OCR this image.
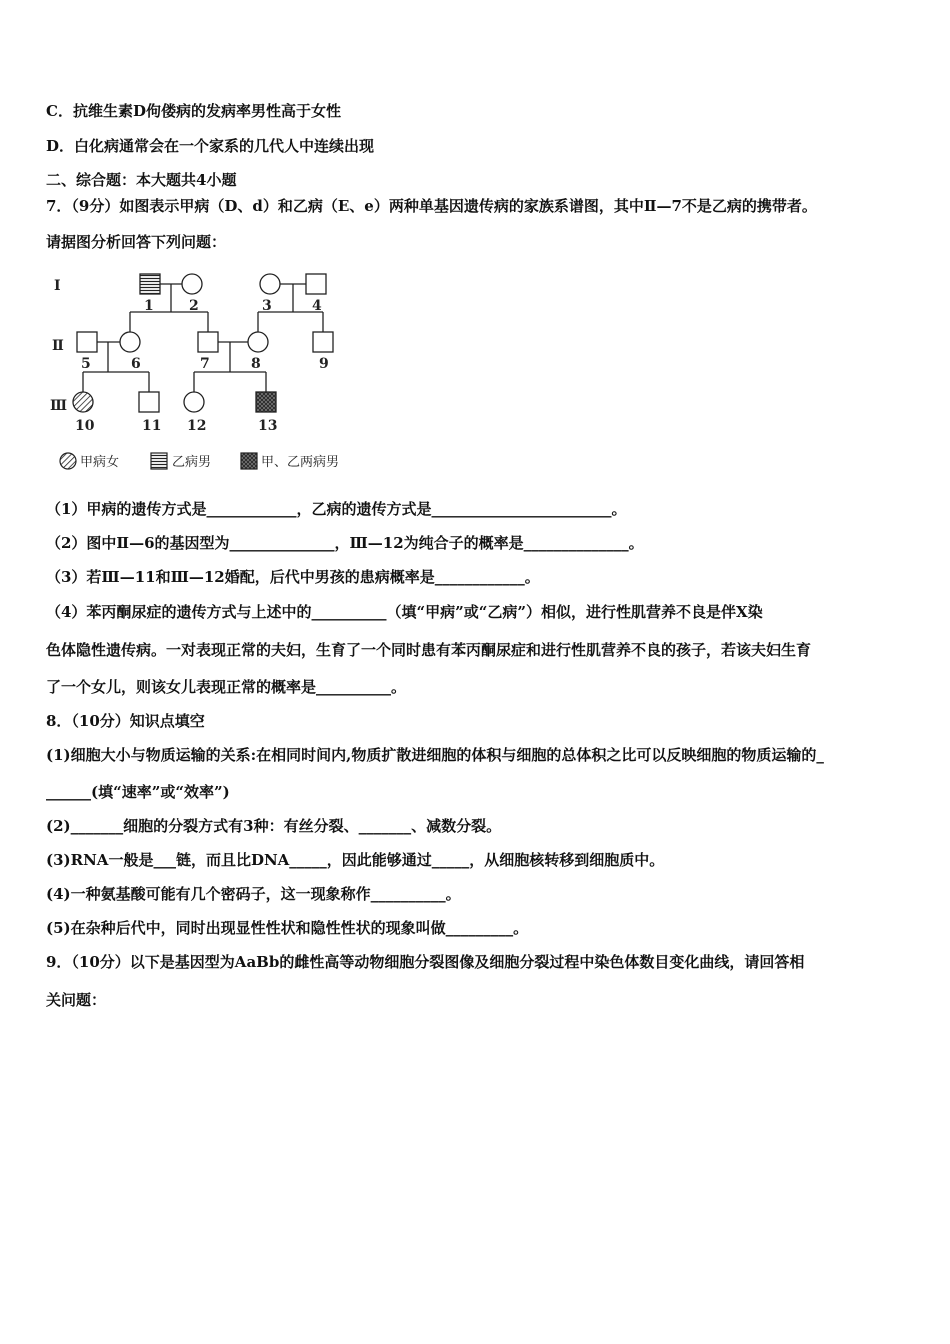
C．抗维生素D佝偻病的发病率男性高于女性
D．白化病通常会在一个家系的几代人中连续出现
二、综合题：本大题共4小题
7．（9分）如图表示甲病（D、d）和乙病（E、e）两种单基因遗传病的家族系谱图，其中Ⅱ—7不是乙病的携带者。
请据图分析回答下列问题：
I
Ⅱ
Ⅲ
1	2	3	4
5	6	7	8	9
10	11 12	13
甲病女	乙病男	甲、乙两病男
（1）甲病的遗传方式是____________，乙病的遗传方式是________________________。
（2）图中Ⅱ—6的基因型为______________，Ⅲ—12为纯合子的概率是______________。
（3）若Ⅲ—11和Ⅲ—12婚配，后代中男孩的患病概率是____________。
（4）苯丙酮尿症的遗传方式与上述中的__________（填“甲病”或“乙病”）相似，进行性肌营养不良是伴X染
色体隐性遗传病。一对表现正常的夫妇，生育了一个同时患有苯丙酮尿症和进行性肌营养不良的孩子，若该夫妇生育
了一个女儿，则该女儿表现正常的概率是__________。
8．（10分）知识点填空
(1)细胞大小与物质运输的关系:在相同时间内,物质扩散进细胞的体积与细胞的总体积之比可以反映细胞的物质运输的_
______(填“速率”或“效率”)
(2)_______细胞的分裂方式有3种：有丝分裂、_______、减数分裂。
(3)RNA一般是___链，而且比DNA_____，因此能够通过_____，从细胞核转移到细胞质中。
(4)一种氨基酸可能有几个密码子，这一现象称作__________。
(5)在杂种后代中，同时出现显性性状和隐性性状的现象叫做_________。
9．（10分）以下是基因型为AaBb的雌性高等动物细胞分裂图像及细胞分裂过程中染色体数目变化曲线，请回答相
关问题：
